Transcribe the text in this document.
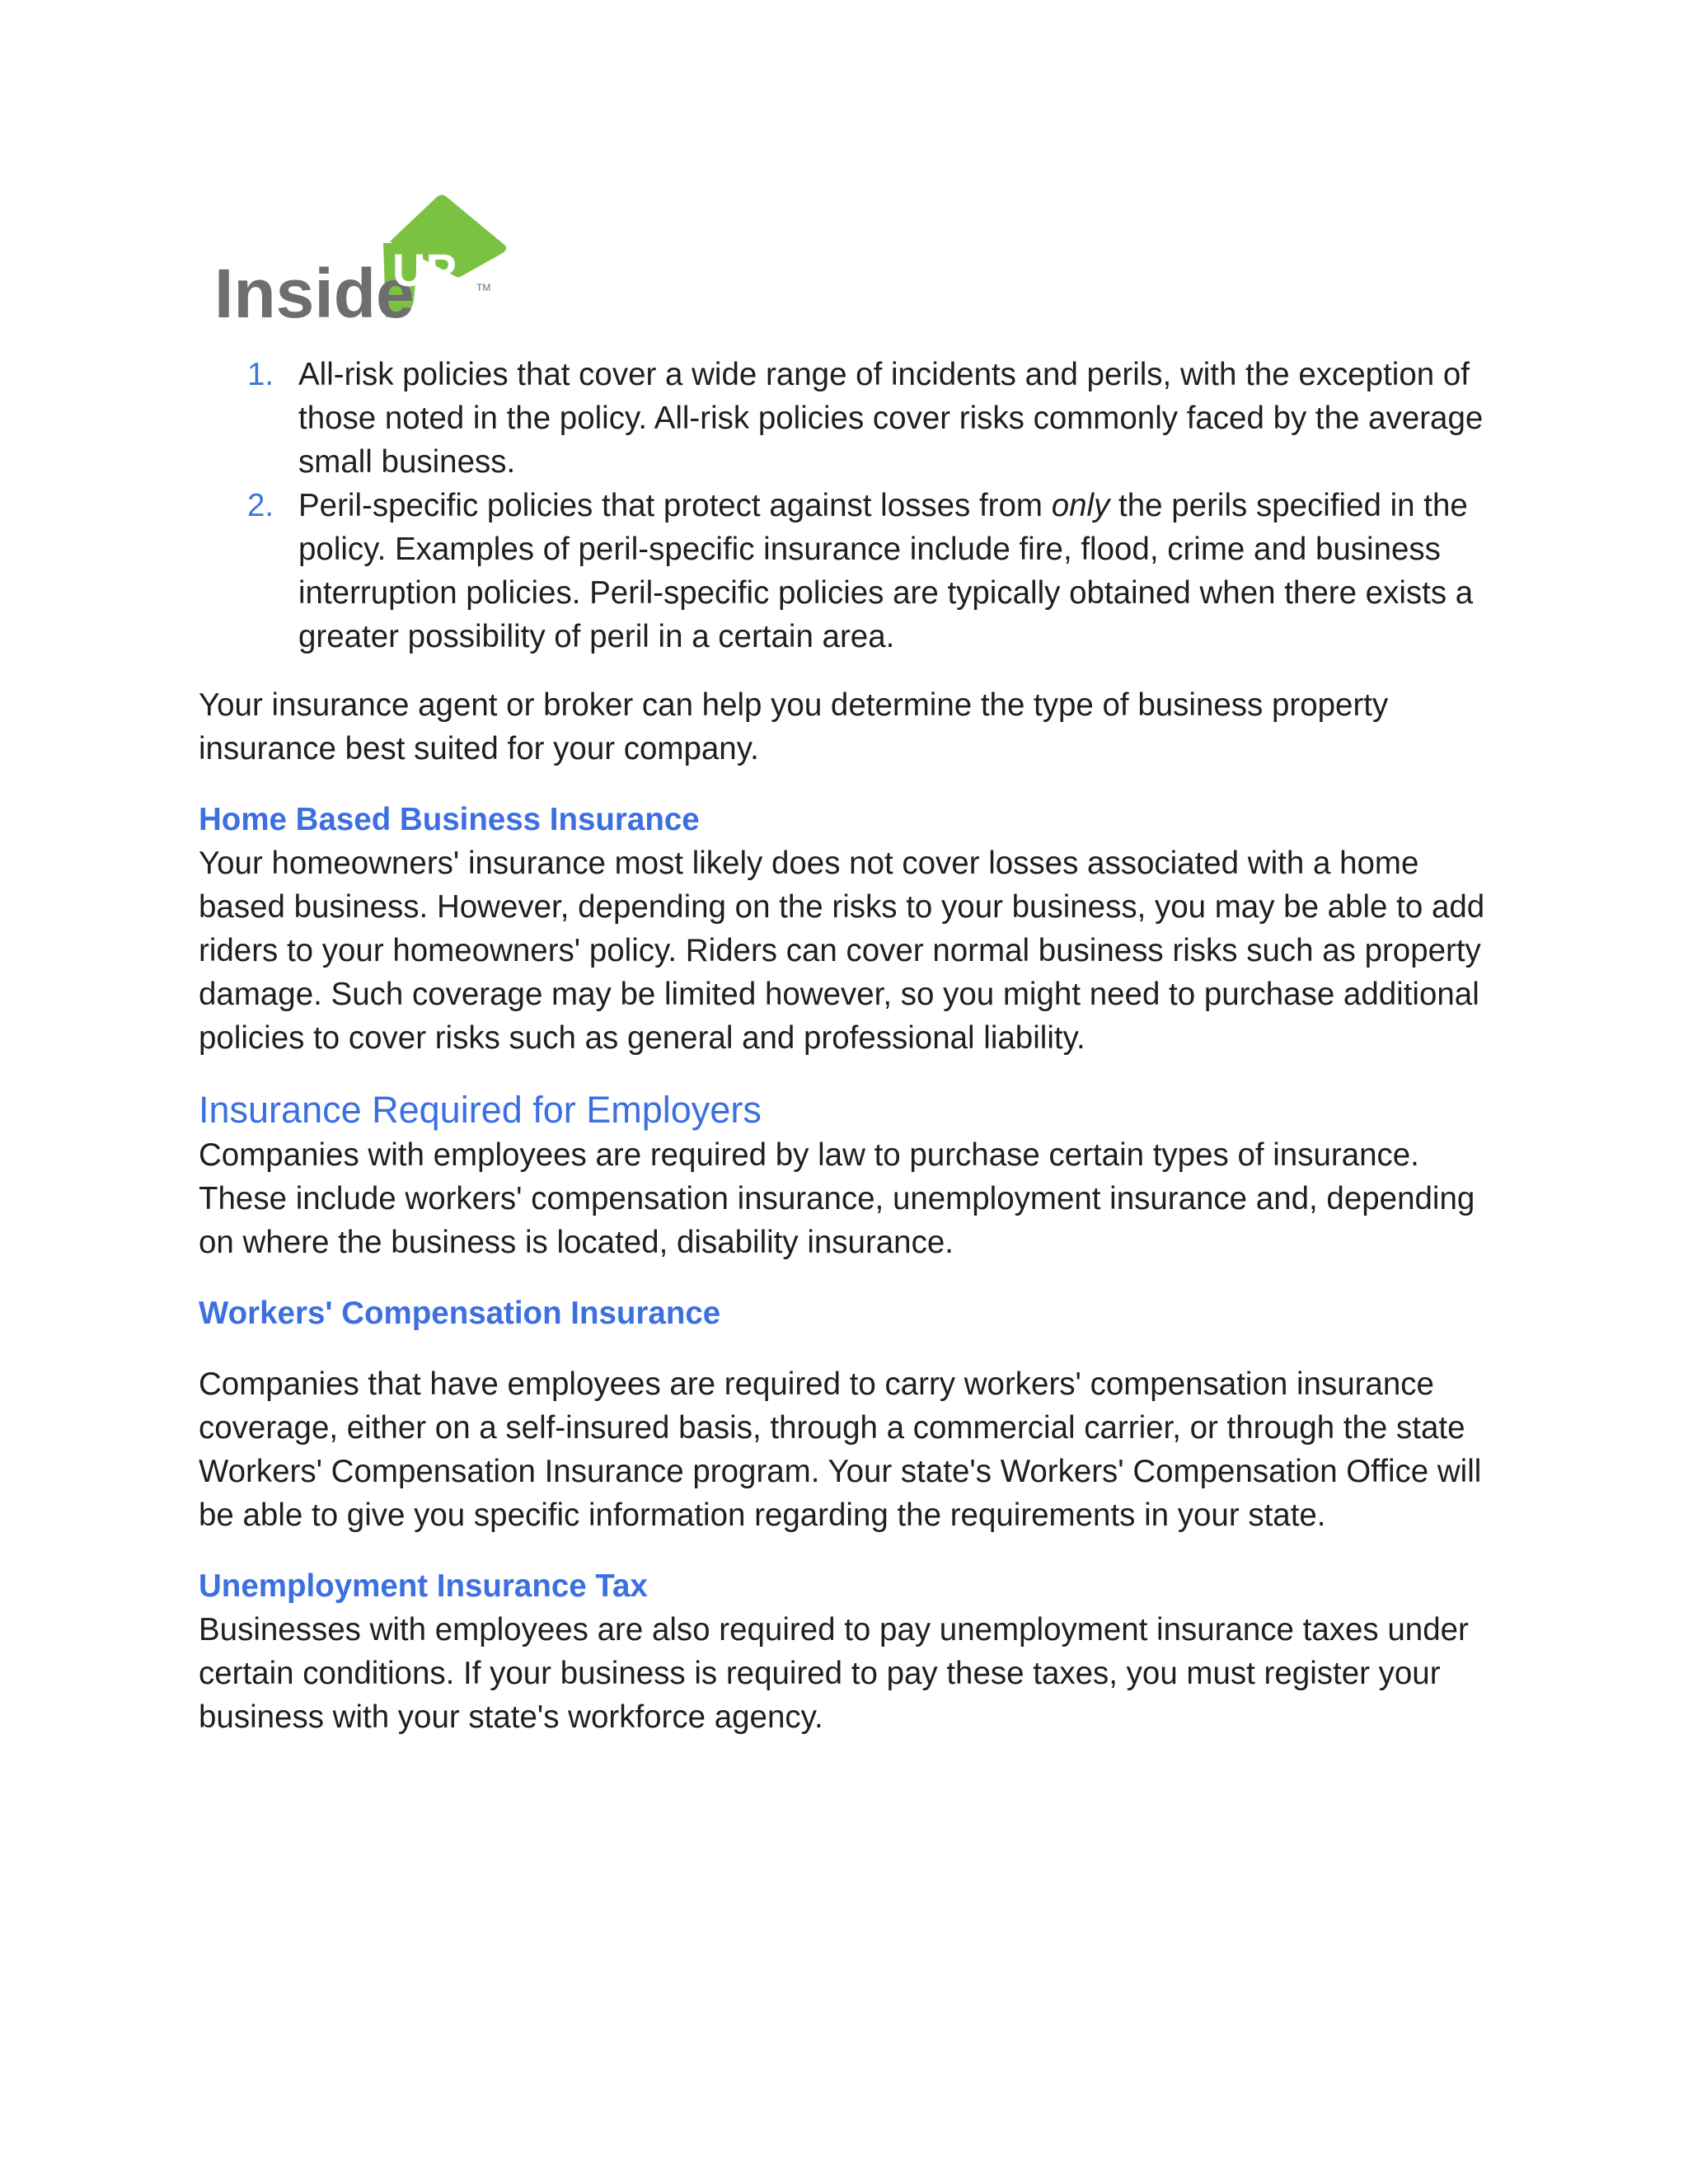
Inside
UP TM
1. All-risk policies that cover a wide range of incidents and perils, with the exception of those noted in the policy. All-risk policies cover risks commonly faced by the average small business.
2. Peril-specific policies that protect against losses from only the perils specified in the policy. Examples of peril-specific insurance include fire, flood, crime and business interruption policies. Peril-specific policies are typically obtained when there exists a greater possibility of peril in a certain area.

Your insurance agent or broker can help you determine the type of business property insurance best suited for your company.

Home Based Business Insurance

Your homeowners' insurance most likely does not cover losses associated with a home based business. However, depending on the risks to your business, you may be able to add riders to your homeowners' policy. Riders can cover normal business risks such as property damage. Such coverage may be limited however, so you might need to purchase additional policies to cover risks such as general and professional liability.

Insurance Required for Employers

Companies with employees are required by law to purchase certain types of insurance. These include workers' compensation insurance, unemployment insurance and, depending on where the business is located, disability insurance.

Workers' Compensation Insurance

Companies that have employees are required to carry workers' compensation insurance coverage, either on a self-insured basis, through a commercial carrier, or through the state Workers' Compensation Insurance program. Your state's Workers' Compensation Office will be able to give you specific information regarding the requirements in your state.

Unemployment Insurance Tax

Businesses with employees are also required to pay unemployment insurance taxes under certain conditions. If your business is required to pay these taxes, you must register your business with your state's workforce agency.
